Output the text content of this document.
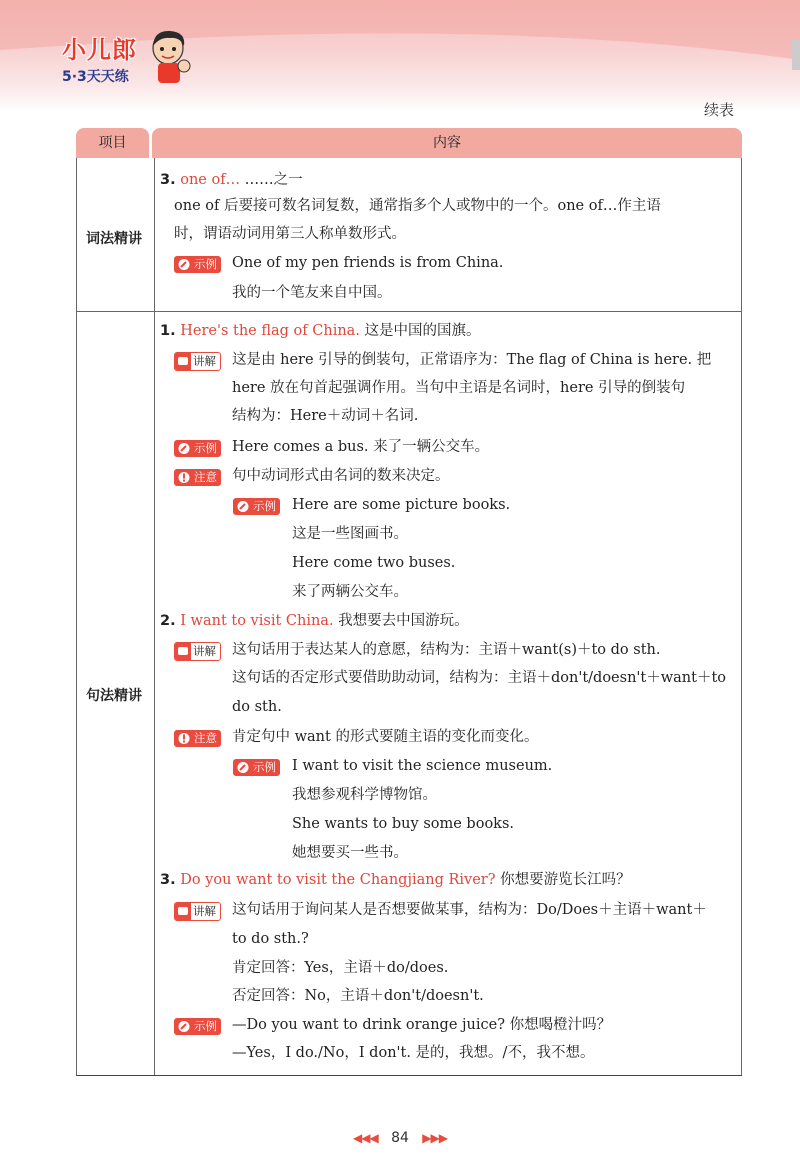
小儿郎
5·3天天练
续表
项目	内容
词法精讲
句法精讲
3. one of… ……之一
one of 后要接可数名词复数，通常指多个人或物中的一个。one of…作主语
时，谓语动词用第三人称单数形式。
示例 One of my pen friends is from China.
我的一个笔友来自中国。
1. Here's the flag of China. 这是中国的国旗。
讲解 这是由 here 引导的倒装句，正常语序为：The flag of China is here. 把
here 放在句首起强调作用。当句中主语是名词时，here 引导的倒装句
结构为：Here＋动词＋名词.
示例 Here comes a bus. 来了一辆公交车。
注意 句中动词形式由名词的数来决定。
示例 Here are some picture books.
这是一些图画书。
Here come two buses.
来了两辆公交车。
2. I want to visit China. 我想要去中国游玩。
讲解 这句话用于表达某人的意愿，结构为：主语＋want(s)＋to do sth.
这句话的否定形式要借助助动词，结构为：主语＋don't/doesn't＋want＋to
do sth.
注意 肯定句中 want 的形式要随主语的变化而变化。
示例 I want to visit the science museum.
我想参观科学博物馆。
She wants to buy some books.
她想要买一些书。
3. Do you want to visit the Changjiang River? 你想要游览长江吗？
讲解 这句话用于询问某人是否想要做某事，结构为：Do/Does＋主语＋want＋
to do sth.?
肯定回答：Yes，主语＋do/does.
否定回答：No，主语＋don't/doesn't.
示例 —Do you want to drink orange juice? 你想喝橙汁吗？
—Yes，I do./No，I don't. 是的，我想。/不，我不想。
◀◀◀ 84 ▶▶▶
